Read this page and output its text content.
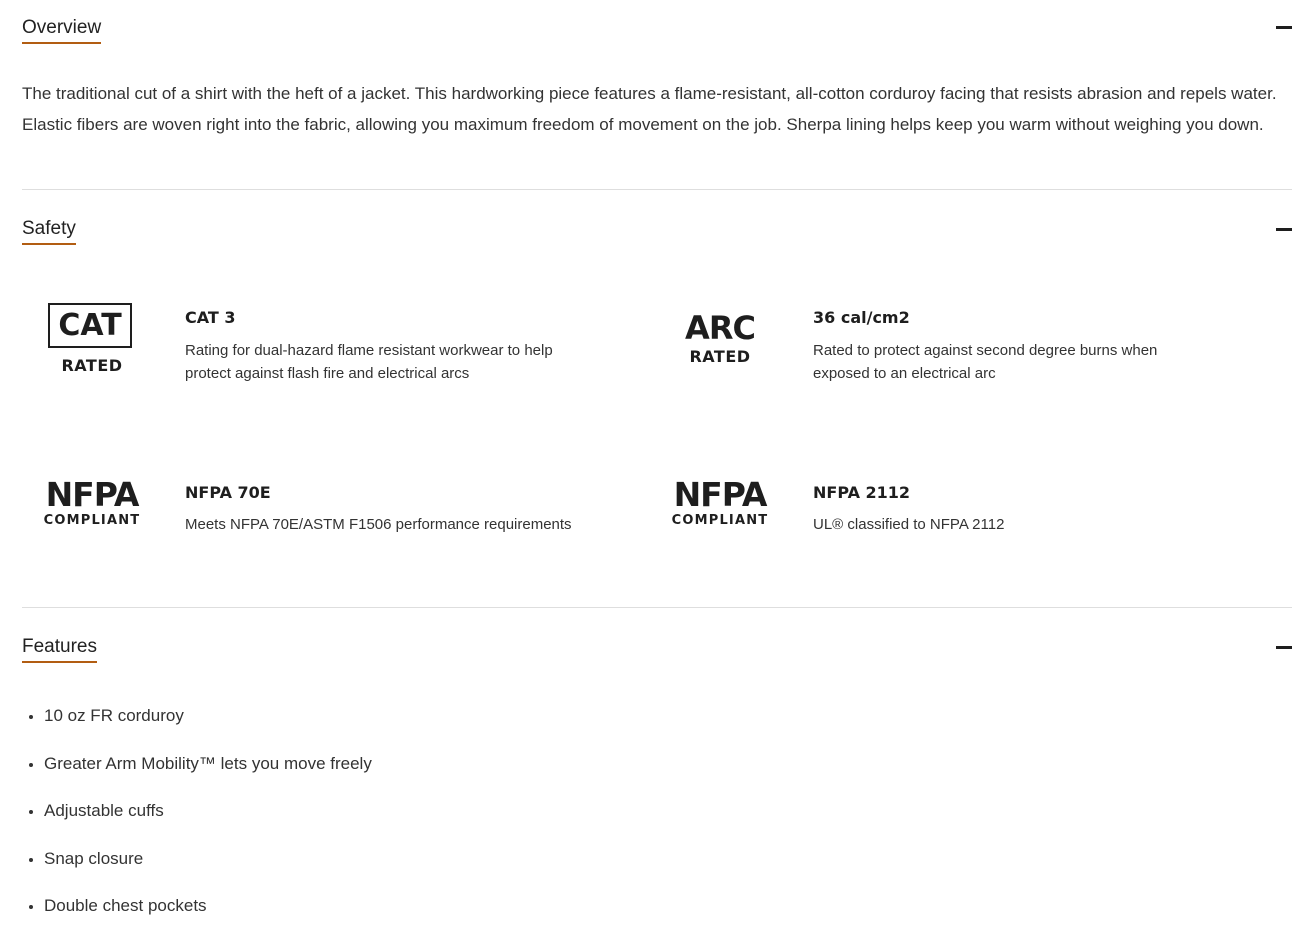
Overview
The traditional cut of a shirt with the heft of a jacket. This hardworking piece features a flame-resistant, all-cotton corduroy facing that resists abrasion and repels water. Elastic fibers are woven right into the fabric, allowing you maximum freedom of movement on the job. Sherpa lining helps keep you warm without weighing you down.
Safety
CAT
RATED
CAT 3
Rating for dual-hazard flame resistant workwear to help protect against flash fire and electrical arcs
ARC
RATED
36 cal/cm2
Rated to protect against second degree burns when exposed to an electrical arc
NFPA
COMPLIANT
NFPA 70E
Meets NFPA 70E/ASTM F1506 performance requirements
NFPA
COMPLIANT
NFPA 2112
UL® classified to NFPA 2112
Features
• 10 oz FR corduroy
• Greater Arm Mobility™ lets you move freely
• Adjustable cuffs
• Snap closure
• Double chest pockets
